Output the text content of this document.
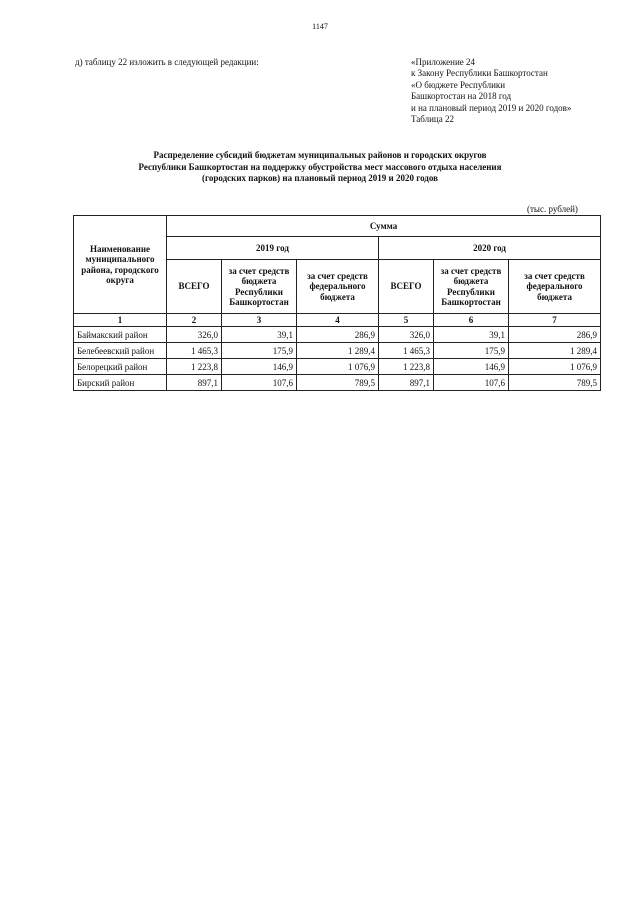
1147
д) таблицу 22 изложить в следующей редакции:	«Приложение 24
к Закону Республики Башкортостан
«О бюджете Республики
Башкортостан на 2018 год
и на плановый период 2019 и 2020 годов»
Таблица 22
Распределение субсидий бюджетам муниципальных районов и городских округов
Республики Башкортостан на поддержку обустройства мест массового отдыха населения
(городских парков) на плановый период 2019 и 2020 годов
(тыс. рублей)
Наименование муниципального района, городского округа	Сумма					
	2019 год			2020 год		
	ВСЕГО	за счет средств бюджета Республики Башкортостан	за счет средств федерального бюджета	ВСЕГО	за счет средств бюджета Республики Башкортостан	за счет средств федерального бюджета
1	2	3	4	5	6	7
Баймакский район	326,0	39,1	286,9	326,0	39,1	286,9
Белебеевский район	1 465,3	175,9	1 289,4	1 465,3	175,9	1 289,4
Белорецкий район	1 223,8	146,9	1 076,9	1 223,8	146,9	1 076,9
Бирский район	897,1	107,6	789,5	897,1	107,6	789,5
